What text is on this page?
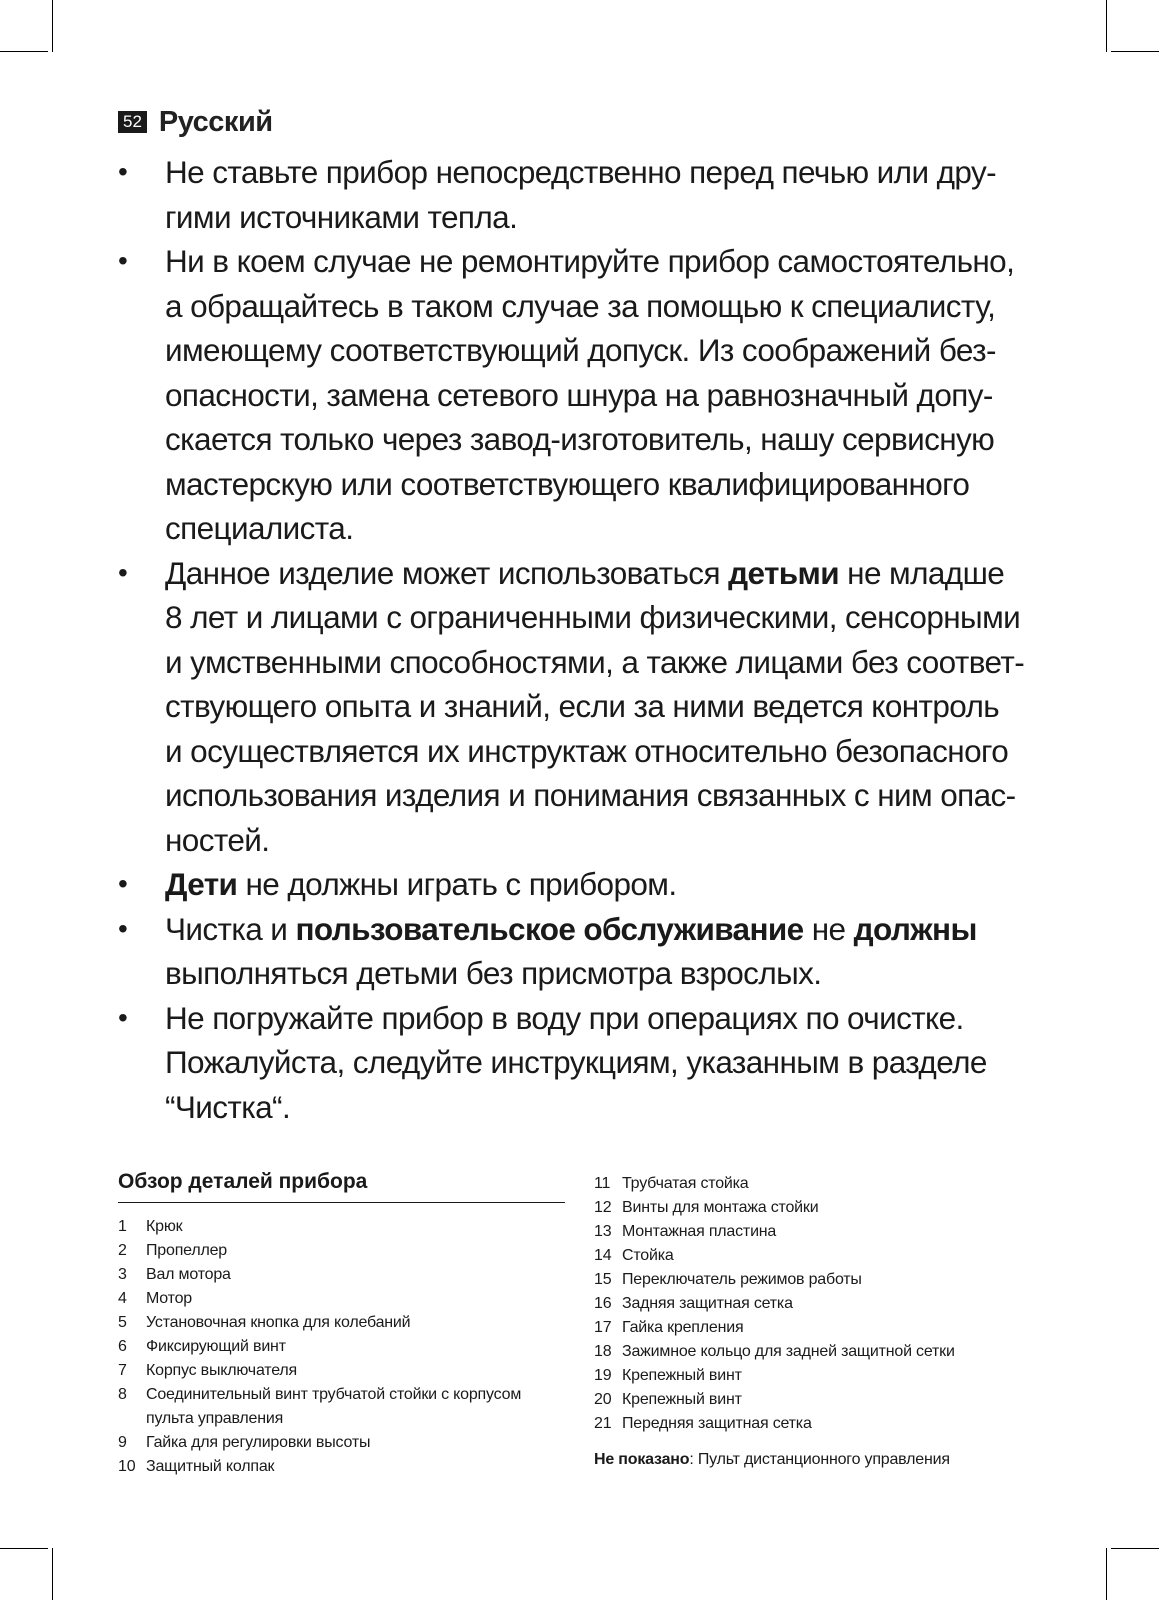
52 Русский
• Не ставьте прибор непосредственно перед печью или дру-
гими источниками тепла.
• Ни в коем случае не ремонтируйте прибор самостоятельно,
а обращайтесь в таком случае за помощью к специалисту,
имеющему соответствующий допуск. Из соображений без-
опасности, замена сетевого шнура на равнозначный допу-
скается только через завод-изготовитель, нашу сервисную
мастерскую или соответствующего квалифицированного
специалиста.
• Данное изделие может использоваться детьми не младше
8 лет и лицами с ограниченными физическими, сенсорными
и умственными способностями, а также лицами без соответ-
ствующего опыта и знаний, если за ними ведется контроль
и осуществляется их инструктаж относительно безопасного
использования изделия и понимания связанных с ним опас-
ностей.
• Дети не должны играть с прибором.
• Чистка и пользовательское обслуживание не должны
выполняться детьми без присмотра взрослых.
• Не погружайте прибор в воду при операциях по очистке.
Пожалуйста, следуйте инструкциям, указанным в разделе
“Чистка“.
Обзор деталей прибора
1 Крюк
2 Пропеллер
3 Вал мотора
4 Мотор
5 Установочная кнопка для колебаний
6 Фиксирующий винт
7 Корпус выключателя
8 Соединительный винт трубчатой стойки с корпусом
пульта управления
9 Гайка для регулировки высоты
10 Защитный колпак
11 Трубчатая стойка
12 Винты для монтажа стойки
13 Монтажная пластина
14 Стойка
15 Переключатель режимов работы
16 Задняя защитная сетка
17 Гайка крепления
18 Зажимное кольцо для задней защитной сетки
19 Крепежный винт
20 Крепежный винт
21 Передняя защитная сетка
Не показано: Пульт дистанционного управления
